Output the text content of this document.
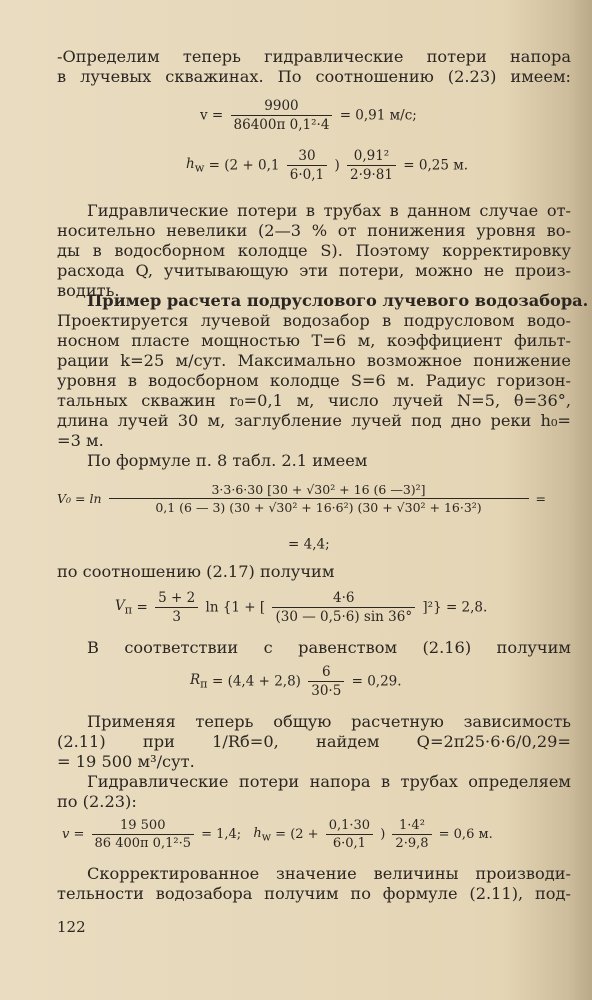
-Определим теперь гидравлические потери напора
в лучевых скважинах. По соотношению (2.23) имеем:
$v = \frac{9900}{\text{86400π 0,1²·4}} = 0,91$ м/с;
$h_w = (2 + 0,1 \frac{30}{6\cdot 0,1}$ ) $\frac{\text{0,91²}}{2\cdot 9\cdot 81} = 0,25$ м.
Гидравлические потери в трубах в данном случае от-
носительно невелики (2—3 % от понижения уровня во-
ды в водосборном колодце S). Поэтому корректировку
расхода Q, учитывающую эти потери, можно не произ-
водить.
Пример расчета подруслового лучевого водозабора.
Проектируется лучевой водозабор в подрусловом водо-
носном пласте мощностью T=6 м, коэффициент фильт-
рации k=25 м/сут. Максимально возможное понижение
уровня в водосборном колодце S=6 м. Радиус горизон-
тальных скважин r₀=0,1 м, число лучей N=5, θ=36°,
длина лучей 30 м, заглубление лучей под дно реки h₀=
=3 м.
По формуле п. 8 табл. 2.1 имеем
$V_0 = \ln \frac{\text{3·3·6·30 [30 + √30² + 16 (6 —3)²]}}{\text{0,1 (6 — 3) (30 + √30² + 16·6²) (30 + √30² + 16·3²)}}$ =
= 4,4;
по соотношению (2.17) получим
$V_п = \frac{5 + 2}{3}$ ln {1 + [ $\frac{4\cdot 6}{(30 — 0,5\cdot 6) \sin 36^\circ} ]^2\} = 2,8$.
В соответствии с равенством (2.16) получим
$R_п = (4,4 + 2,8) \frac{6}{30\cdot 5} = 0,29$.
Применяя теперь общую расчетную зависимость
(2.11) при 1/Rб=0, найдем Q=2π25·6·6/0,29=
= 19 500 м³/сут.
Гидравлические потери напора в трубах определяем
по (2.23):
$v = \frac{19 500}{\text{86 400π 0,1²·5}} = 1,4$; $h_w = (2 + \frac{0,1\cdot 30}{6\cdot 0,1}$ ) $\frac{\text{1·4²}}{2\cdot 9,8} = 0,6$ м.
Скорректированное значение величины производи-
тельности водозабора получим по формуле (2.11), под-
122
